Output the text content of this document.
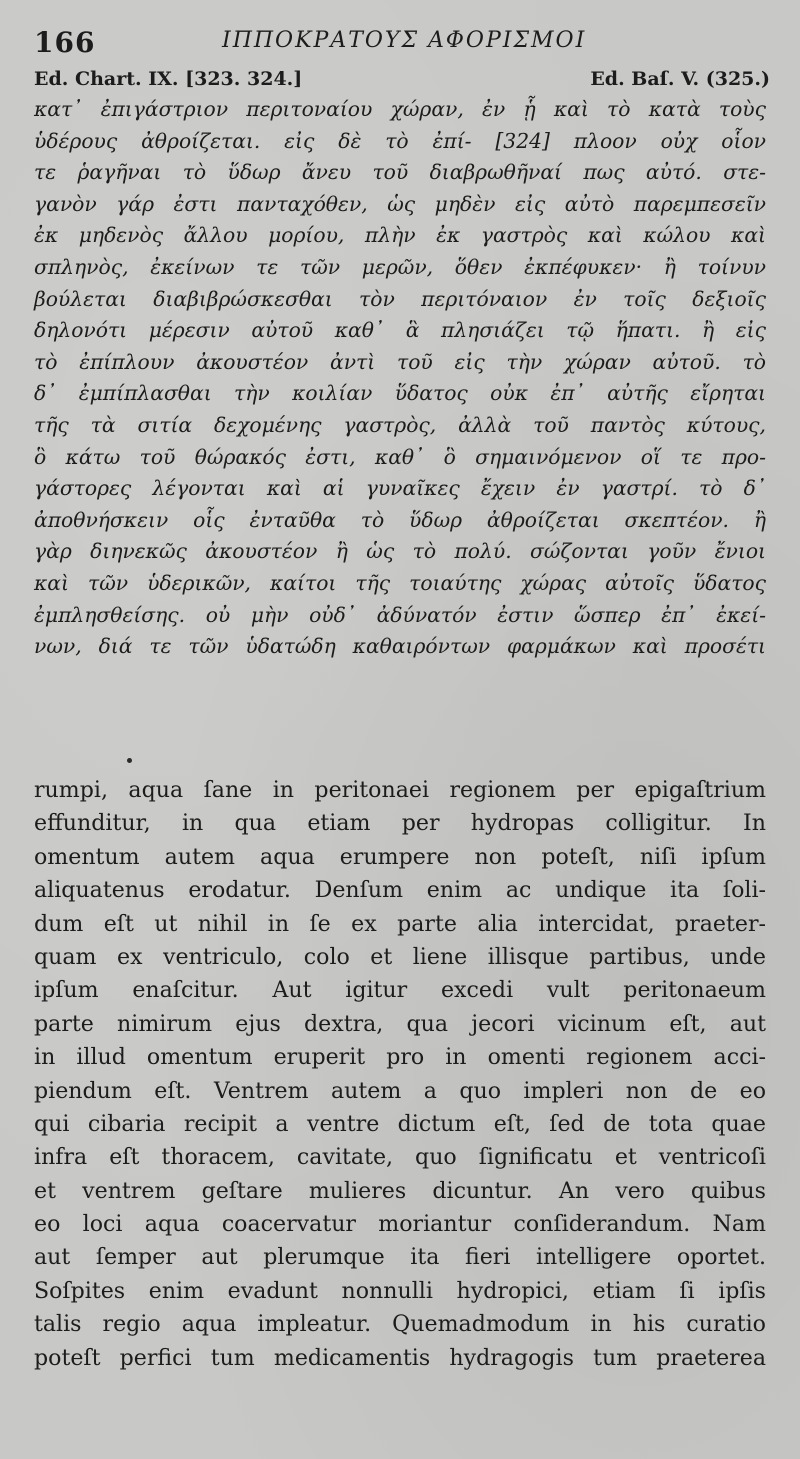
166	ΙΠΠΟΚΡΑΤΟΥΣ ΑΦΟΡΙΣΜΟΙ
Ed. Chart. IX. [323. 324.]	Ed. Baſ. V. (325.)
κατ᾽ ἐπιγάστριον περιτοναίου χώραν, ἐν ᾗ καὶ τὸ κατὰ τοὺς
ὑδέρους ἀθροίζεται. εἰς δὲ τὸ ἐπί- [324] πλοον οὐχ οἷον
τε ῥαγῆναι τὸ ὕδωρ ἄνευ τοῦ διαβρωθῆναί πως αὐτό. στε-
γανὸν γάρ ἐστι πανταχόθεν, ὡς μηδὲν εἰς αὐτὸ παρεμπεσεῖν
ἐκ μηδενὸς ἄλλου μορίου, πλὴν ἐκ γαστρὸς καὶ κώλου καὶ
σπληνὸς, ἐκείνων τε τῶν μερῶν, ὅθεν ἐκπέφυκεν· ἢ τοίνυν
βούλεται διαβιβρώσκεσθαι τὸν περιτόναιον ἐν τοῖς δεξιοῖς
δηλονότι μέρεσιν αὐτοῦ καθ᾽ ἃ πλησιάζει τῷ ἥπατι. ἢ εἰς
τὸ ἐπίπλουν ἀκουστέον ἀντὶ τοῦ εἰς τὴν χώραν αὐτοῦ. τὸ
δ᾽ ἐμπίπλασθαι τὴν κοιλίαν ὕδατος οὐκ ἐπ᾽ αὐτῆς εἴρηται
τῆς τὰ σιτία δεχομένης γαστρὸς, ἀλλὰ τοῦ παντὸς κύτους,
ὃ κάτω τοῦ θώρακός ἐστι, καθ᾽ ὃ σημαινόμενον οἵ τε προ-
γάστορες λέγονται καὶ αἱ γυναῖκες ἔχειν ἐν γαστρί. τὸ δ᾽
ἀποθνήσκειν οἷς ἐνταῦθα τὸ ὕδωρ ἀθροίζεται σκεπτέον. ἢ
γὰρ διηνεκῶς ἀκουστέον ἢ ὡς τὸ πολύ. σώζονται γοῦν ἔνιοι
καὶ τῶν ὑδερικῶν, καίτοι τῆς τοιαύτης χώρας αὐτοῖς ὕδατος
ἐμπλησθείσης. οὐ μὴν οὐδ᾽ ἀδύνατόν ἐστιν ὥσπερ ἐπ᾽ ἐκεί-
νων, διά τε τῶν ὑδατώδη καθαιρόντων φαρμάκων καὶ προσέτι
rumpi, aqua ſane in peritonaei regionem per epigaſtrium
effunditur, in qua etiam per hydropas colligitur. In
omentum autem aqua erumpere non poteſt, niſi ipſum
aliquatenus erodatur. Denſum enim ac undique ita ſoli-
dum eſt ut nihil in ſe ex parte alia intercidat, praeter-
quam ex ventriculo, colo et liene illisque partibus, unde
ipſum enaſcitur. Aut igitur excedi vult peritonaeum
parte nimirum ejus dextra, qua jecori vicinum eſt, aut
in illud omentum eruperit pro in omenti regionem acci-
piendum eſt. Ventrem autem a quo impleri non de eo
qui cibaria recipit a ventre dictum eſt, ſed de tota quae
infra eſt thoracem, cavitate, quo ſignificatu et ventricoſi
et ventrem geſtare mulieres dicuntur. An vero quibus
eo loci aqua coacervatur moriantur conſiderandum. Nam
aut ſemper aut plerumque ita fieri intelligere oportet.
Soſpites enim evadunt nonnulli hydropici, etiam ſi ipſis
talis regio aqua impleatur. Quemadmodum in his curatio
poteſt perfici tum medicamentis hydragogis tum praeterea
